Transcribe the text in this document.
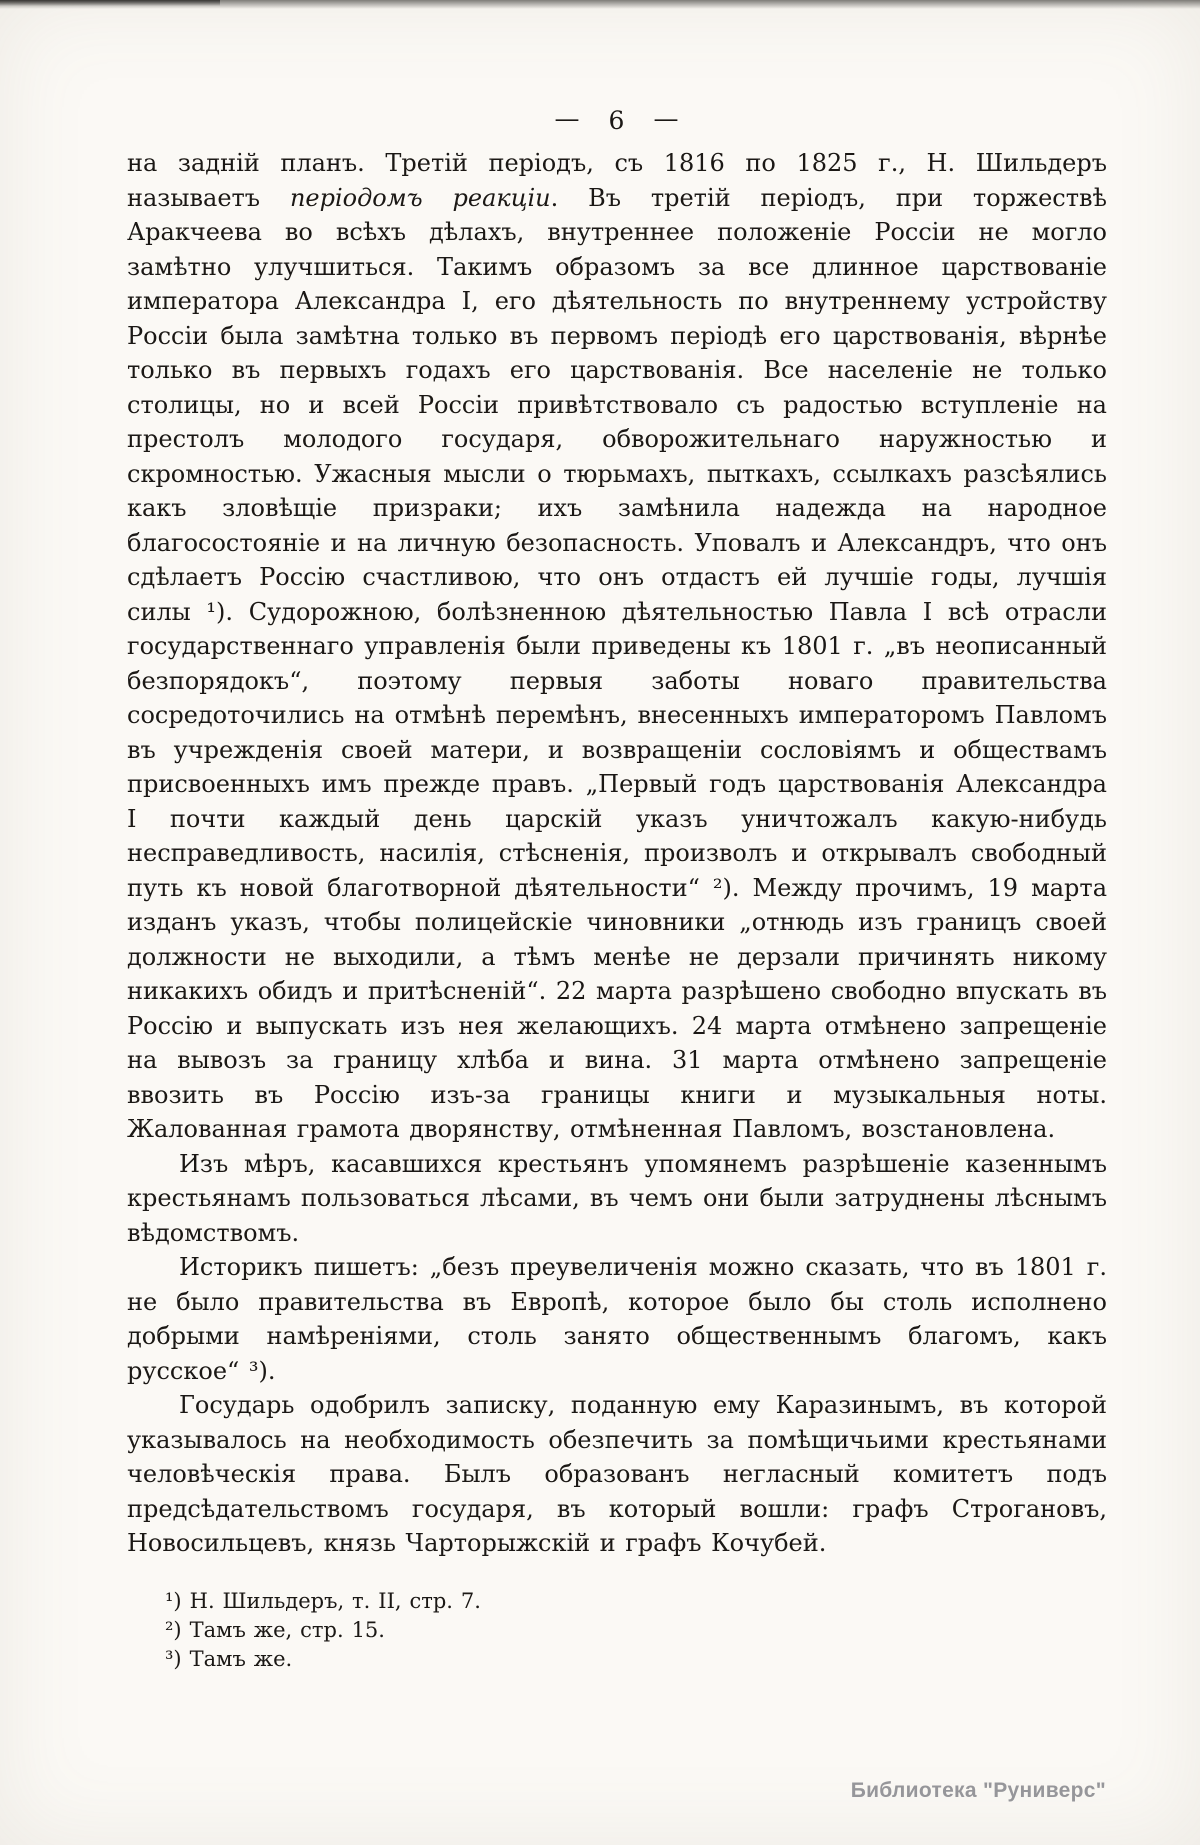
— 6 —

на задній планъ. Третій періодъ, съ 1816 по 1825 г., Н. Шильдеръ называетъ періодомъ реакціи. Въ третій періодъ, при торжествѣ Аракчеева во всѣхъ дѣлахъ, внутреннее положеніе Россіи не могло замѣтно улучшиться. Такимъ образомъ за все длинное царствованіе императора Александра I, его дѣятельность по внутреннему устройству Россіи была замѣтна только въ первомъ періодѣ его царствованія, вѣрнѣе только въ первыхъ годахъ его царствованія. Все населеніе не только столицы, но и всей Россіи привѣтствовало съ радостью вступленіе на престолъ молодого государя, обворожительнаго наружностью и скромностью. Ужасныя мысли о тюрьмахъ, пыткахъ, ссылкахъ разсѣялись какъ зловѣщіе призраки; ихъ замѣнила надежда на народное благосостояніе и на личную безопасность. Уповалъ и Александръ, что онъ сдѣлаетъ Россію счастливою, что онъ отдастъ ей лучшіе годы, лучшія силы ¹). Судорожною, болѣзненною дѣятельностью Павла I всѣ отрасли государственнаго управленія были приведены къ 1801 г. „въ неописанный безпорядокъ“, поэтому первыя заботы новаго правительства сосредоточились на отмѣнѣ перемѣнъ, внесенныхъ императоромъ Павломъ въ учрежденія своей матери, и возвращеніи сословіямъ и обществамъ присвоенныхъ имъ прежде правъ. „Первый годъ царствованія Александра I почти каждый день царскій указъ уничтожалъ какую-нибудь несправедливость, насилія, стѣсненія, произволъ и открывалъ свободный путь къ новой благотворной дѣятельности“ ²). Между прочимъ, 19 марта изданъ указъ, чтобы полицейскіе чиновники „отнюдь изъ границъ своей должности не выходили, а тѣмъ менѣе не дерзали причинять никому никакихъ обидъ и притѣсненій“. 22 марта разрѣшено свободно впускать въ Россію и выпускать изъ нея желающихъ. 24 марта отмѣнено запрещеніе на вывозъ за границу хлѣба и вина. 31 марта отмѣнено запрещеніе ввозить въ Россію изъ-за границы книги и музыкальныя ноты. Жалованная грамота дворянству, отмѣненная Павломъ, возстановлена.

Изъ мѣръ, касавшихся крестьянъ упомянемъ разрѣшеніе казеннымъ крестьянамъ пользоваться лѣсами, въ чемъ они были затруднены лѣснымъ вѣдомствомъ.

Историкъ пишетъ: „безъ преувеличенія можно сказать, что въ 1801 г. не было правительства въ Европѣ, которое было бы столь исполнено добрыми намѣреніями, столь занято общественнымъ благомъ, какъ русское“ ³).

Государь одобрилъ записку, поданную ему Каразинымъ, въ которой указывалось на необходимость обезпечить за помѣщичьими крестьянами человѣческія права. Былъ образованъ негласный комитетъ подъ предсѣдательствомъ государя, въ который вошли: графъ Строгановъ, Новосильцевъ, князь Чарторыжскій и графъ Кочубей.

¹) Н. Шильдеръ, т. II, стр. 7.
²) Тамъ же, стр. 15.
³) Тамъ же.
Библиотека "Руниверс"
